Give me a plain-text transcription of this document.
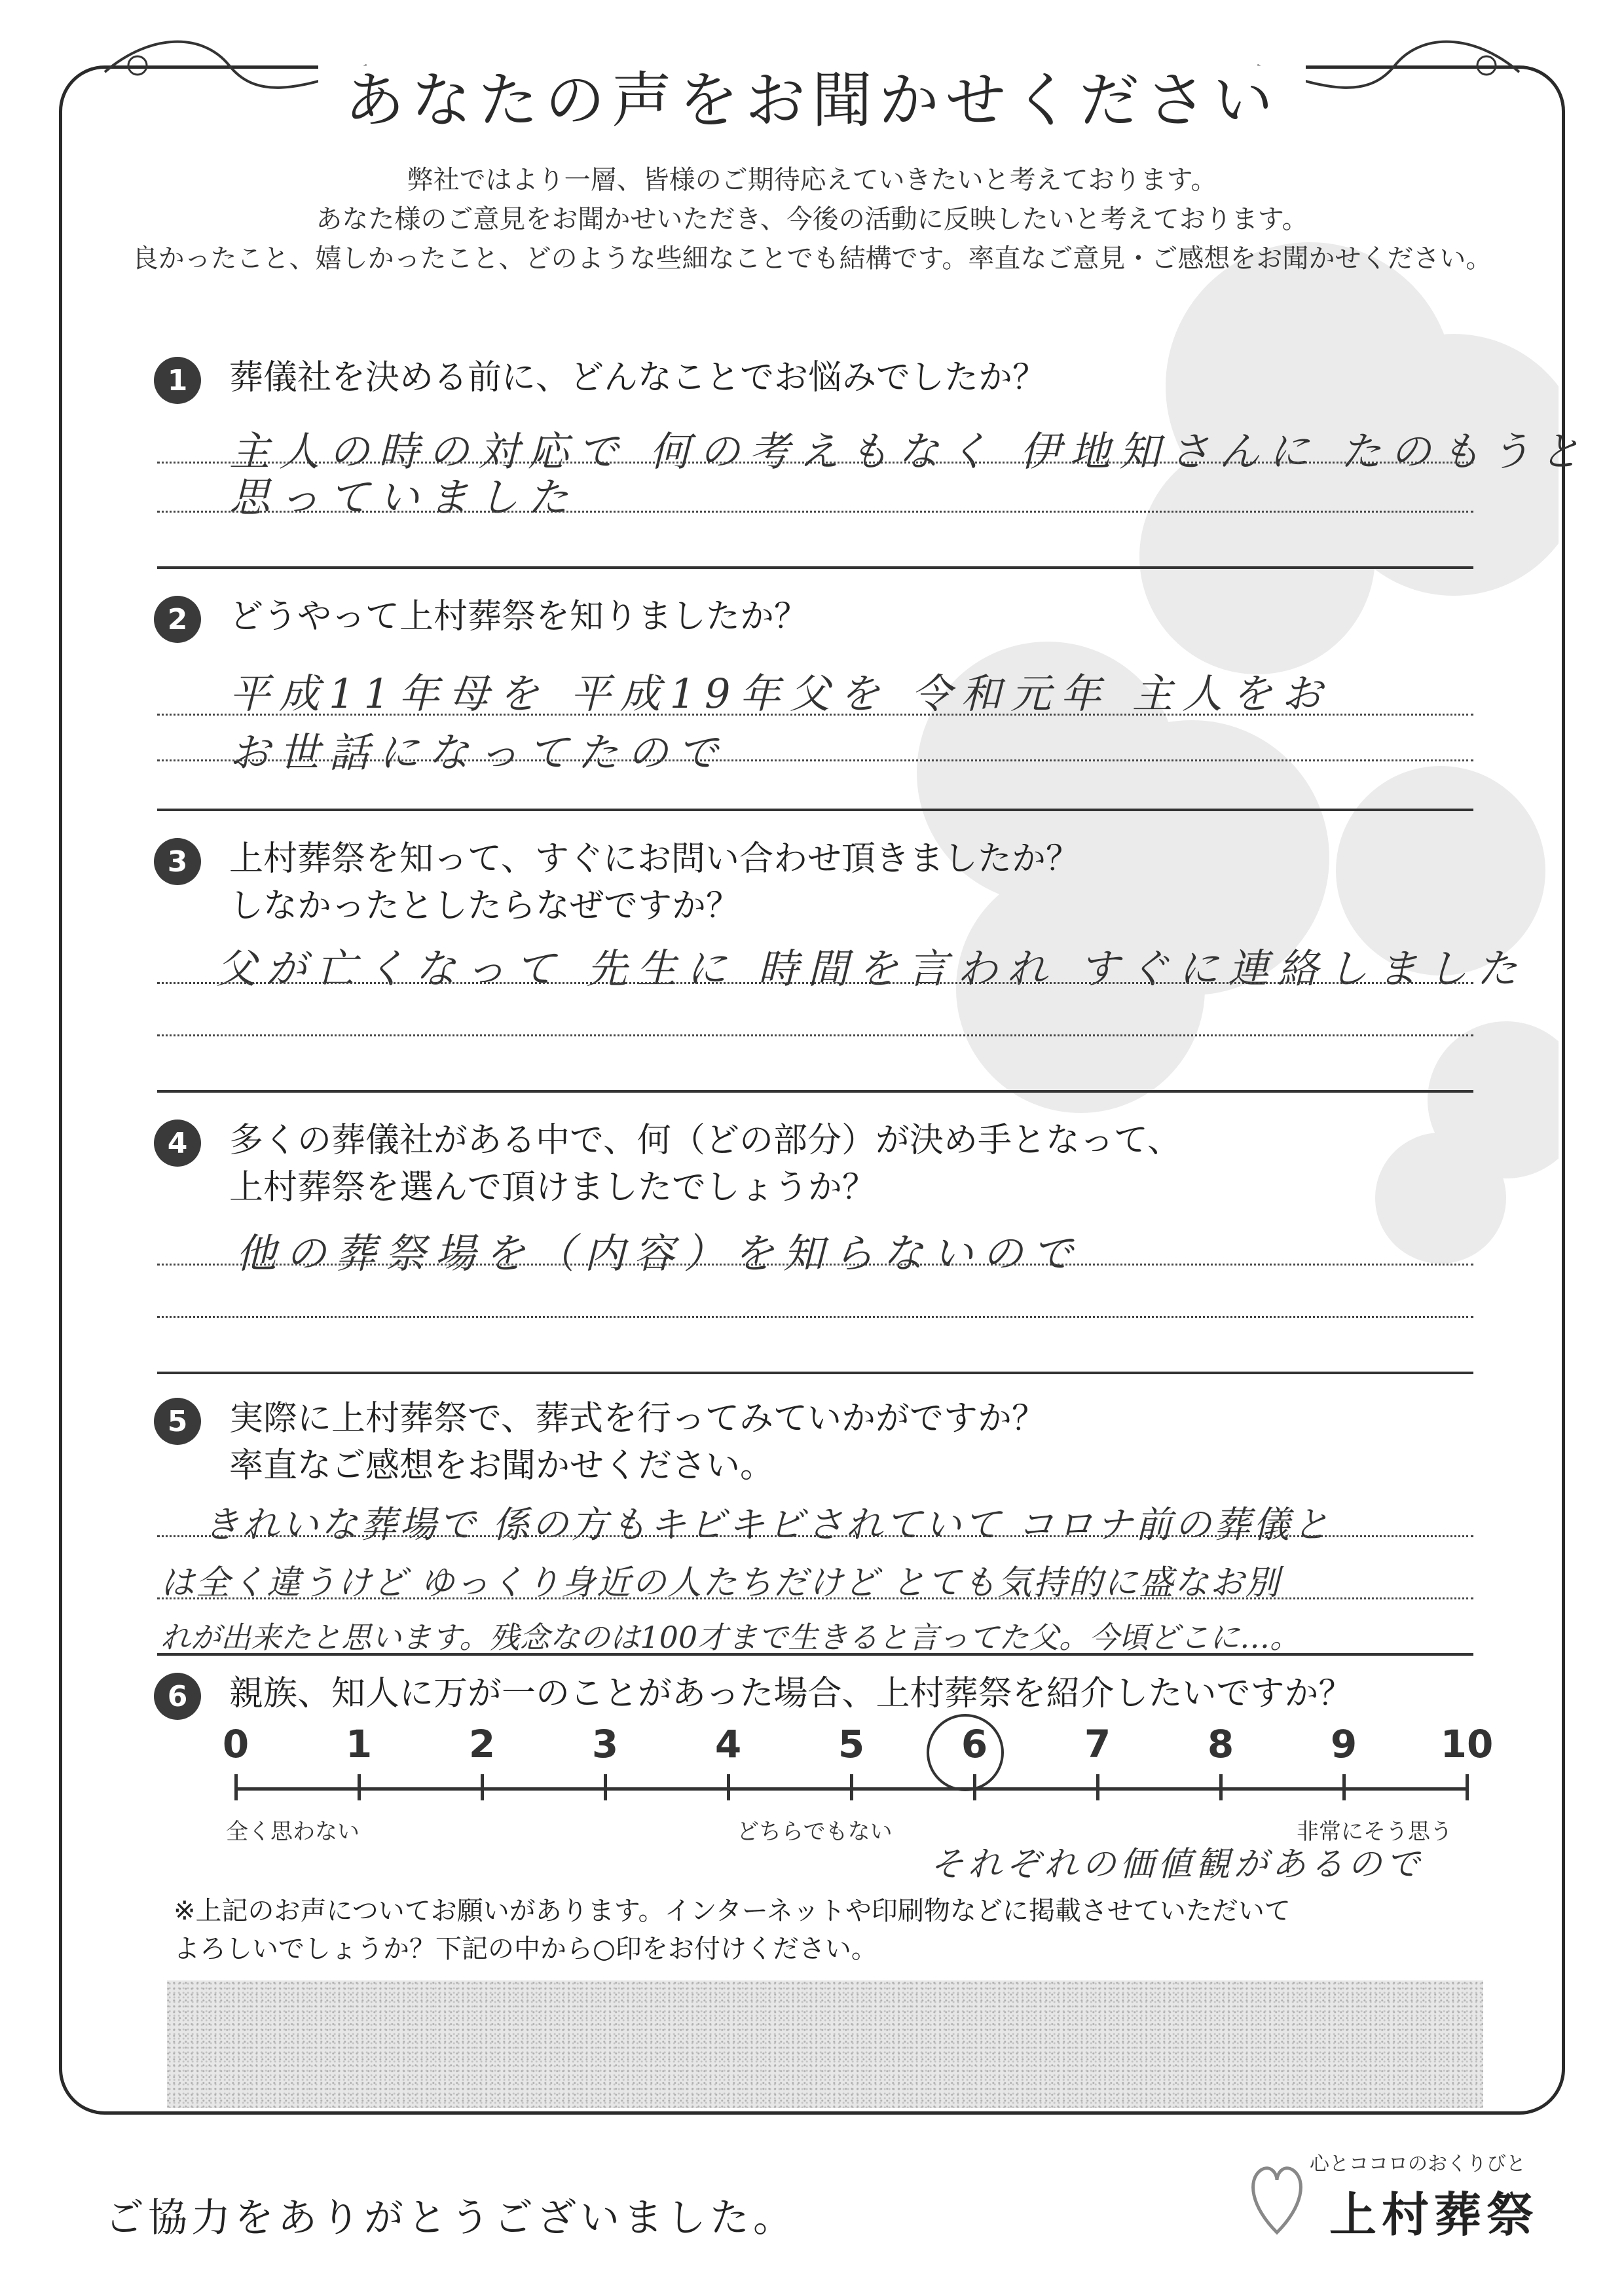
あなたの声をお聞かせください
弊社ではより一層、皆様のご期待応えていきたいと考えております。
あなた様のご意見をお聞かせいただき、今後の活動に反映したいと考えております。
良かったこと、嬉しかったこと、どのような些細なことでも結構です。率直なご意見・ご感想をお聞かせください。
1	葬儀社を決める前に、どんなことでお悩みでしたか？
主人の時の対応で 何の考えもなく 伊地知さんに たのもうと
思っていました
2	どうやって上村葬祭を知りましたか？
平成11年母を 平成19年父を 令和元年 主人をお
お世話になってたので
3	上村葬祭を知って、すぐにお問い合わせ頂きましたか？
しなかったとしたらなぜですか？
父が亡くなって 先生に 時間を言われ すぐに連絡しました
4	多くの葬儀社がある中で、何（どの部分）が決め手となって、
上村葬祭を選んで頂けましたでしょうか？
他の葬祭場を（内容）を知らないので
5	実際に上村葬祭で、葬式を行ってみていかがですか？
率直なご感想をお聞かせください。
きれいな葬場で 係の方もキビキビされていて コロナ前の葬儀と
は全く違うけど ゆっくり身近の人たちだけど とても気持的に盛なお別
れが出来たと思います。残念なのは100才まで生きると言ってた父。今頃どこに…。
6	親族、知人に万が一のことがあった場合、上村葬祭を紹介したいですか？
0	1	2	3	4	5	6	7	8	9	10
全く思わない	どちらでもない	非常にそう思う
それぞれの価値観があるので
※上記のお声についてお願いがあります。インターネットや印刷物などに掲載させていただいて
よろしいでしょうか？下記の中から○印をお付けください。
ご協力をありがとうございました。
心とココロのおくりびと
上村葬祭
